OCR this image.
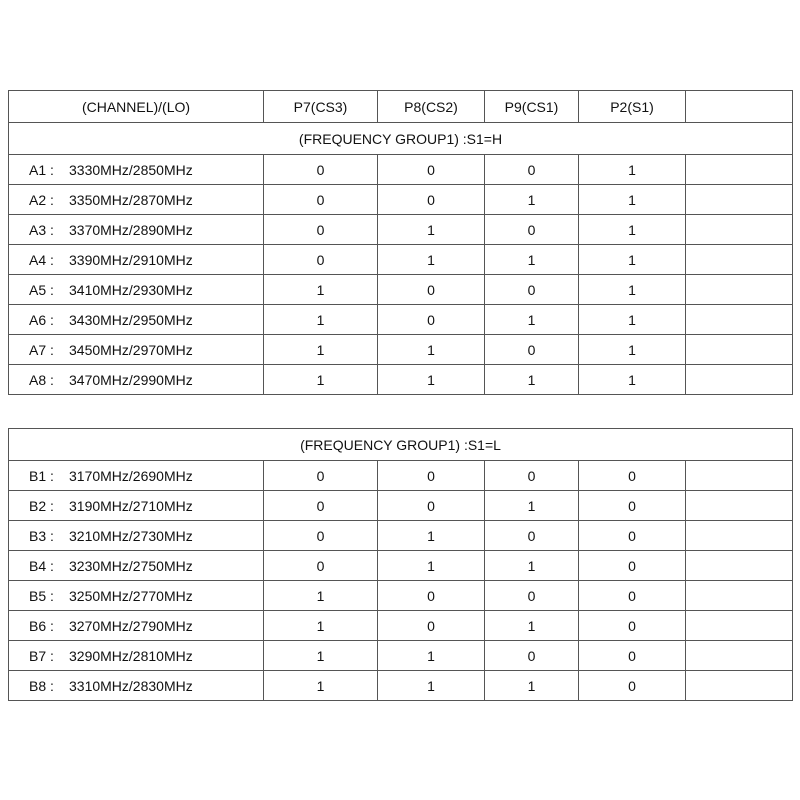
(CHANNEL)/(LO)	P7(CS3)	P8(CS2)	P9(CS1)	P2(S1)	
(FREQUENCY GROUP1) :S1=H					
A1 : 3330MHz/2850MHz	0	0	0	1	
A2 : 3350MHz/2870MHz	0	0	1	1	
A3 : 3370MHz/2890MHz	0	1	0	1	
A4 : 3390MHz/2910MHz	0	1	1	1	
A5 : 3410MHz/2930MHz	1	0	0	1	
A6 : 3430MHz/2950MHz	1	0	1	1	
A7 : 3450MHz/2970MHz	1	1	0	1	
A8 : 3470MHz/2990MHz	1	1	1	1	
(FREQUENCY GROUP1) :S1=L					
B1 : 3170MHz/2690MHz	0	0	0	0	
B2 : 3190MHz/2710MHz	0	0	1	0	
B3 : 3210MHz/2730MHz	0	1	0	0	
B4 : 3230MHz/2750MHz	0	1	1	0	
B5 : 3250MHz/2770MHz	1	0	0	0	
B6 : 3270MHz/2790MHz	1	0	1	0	
B7 : 3290MHz/2810MHz	1	1	0	0	
B8 : 3310MHz/2830MHz	1	1	1	0	
